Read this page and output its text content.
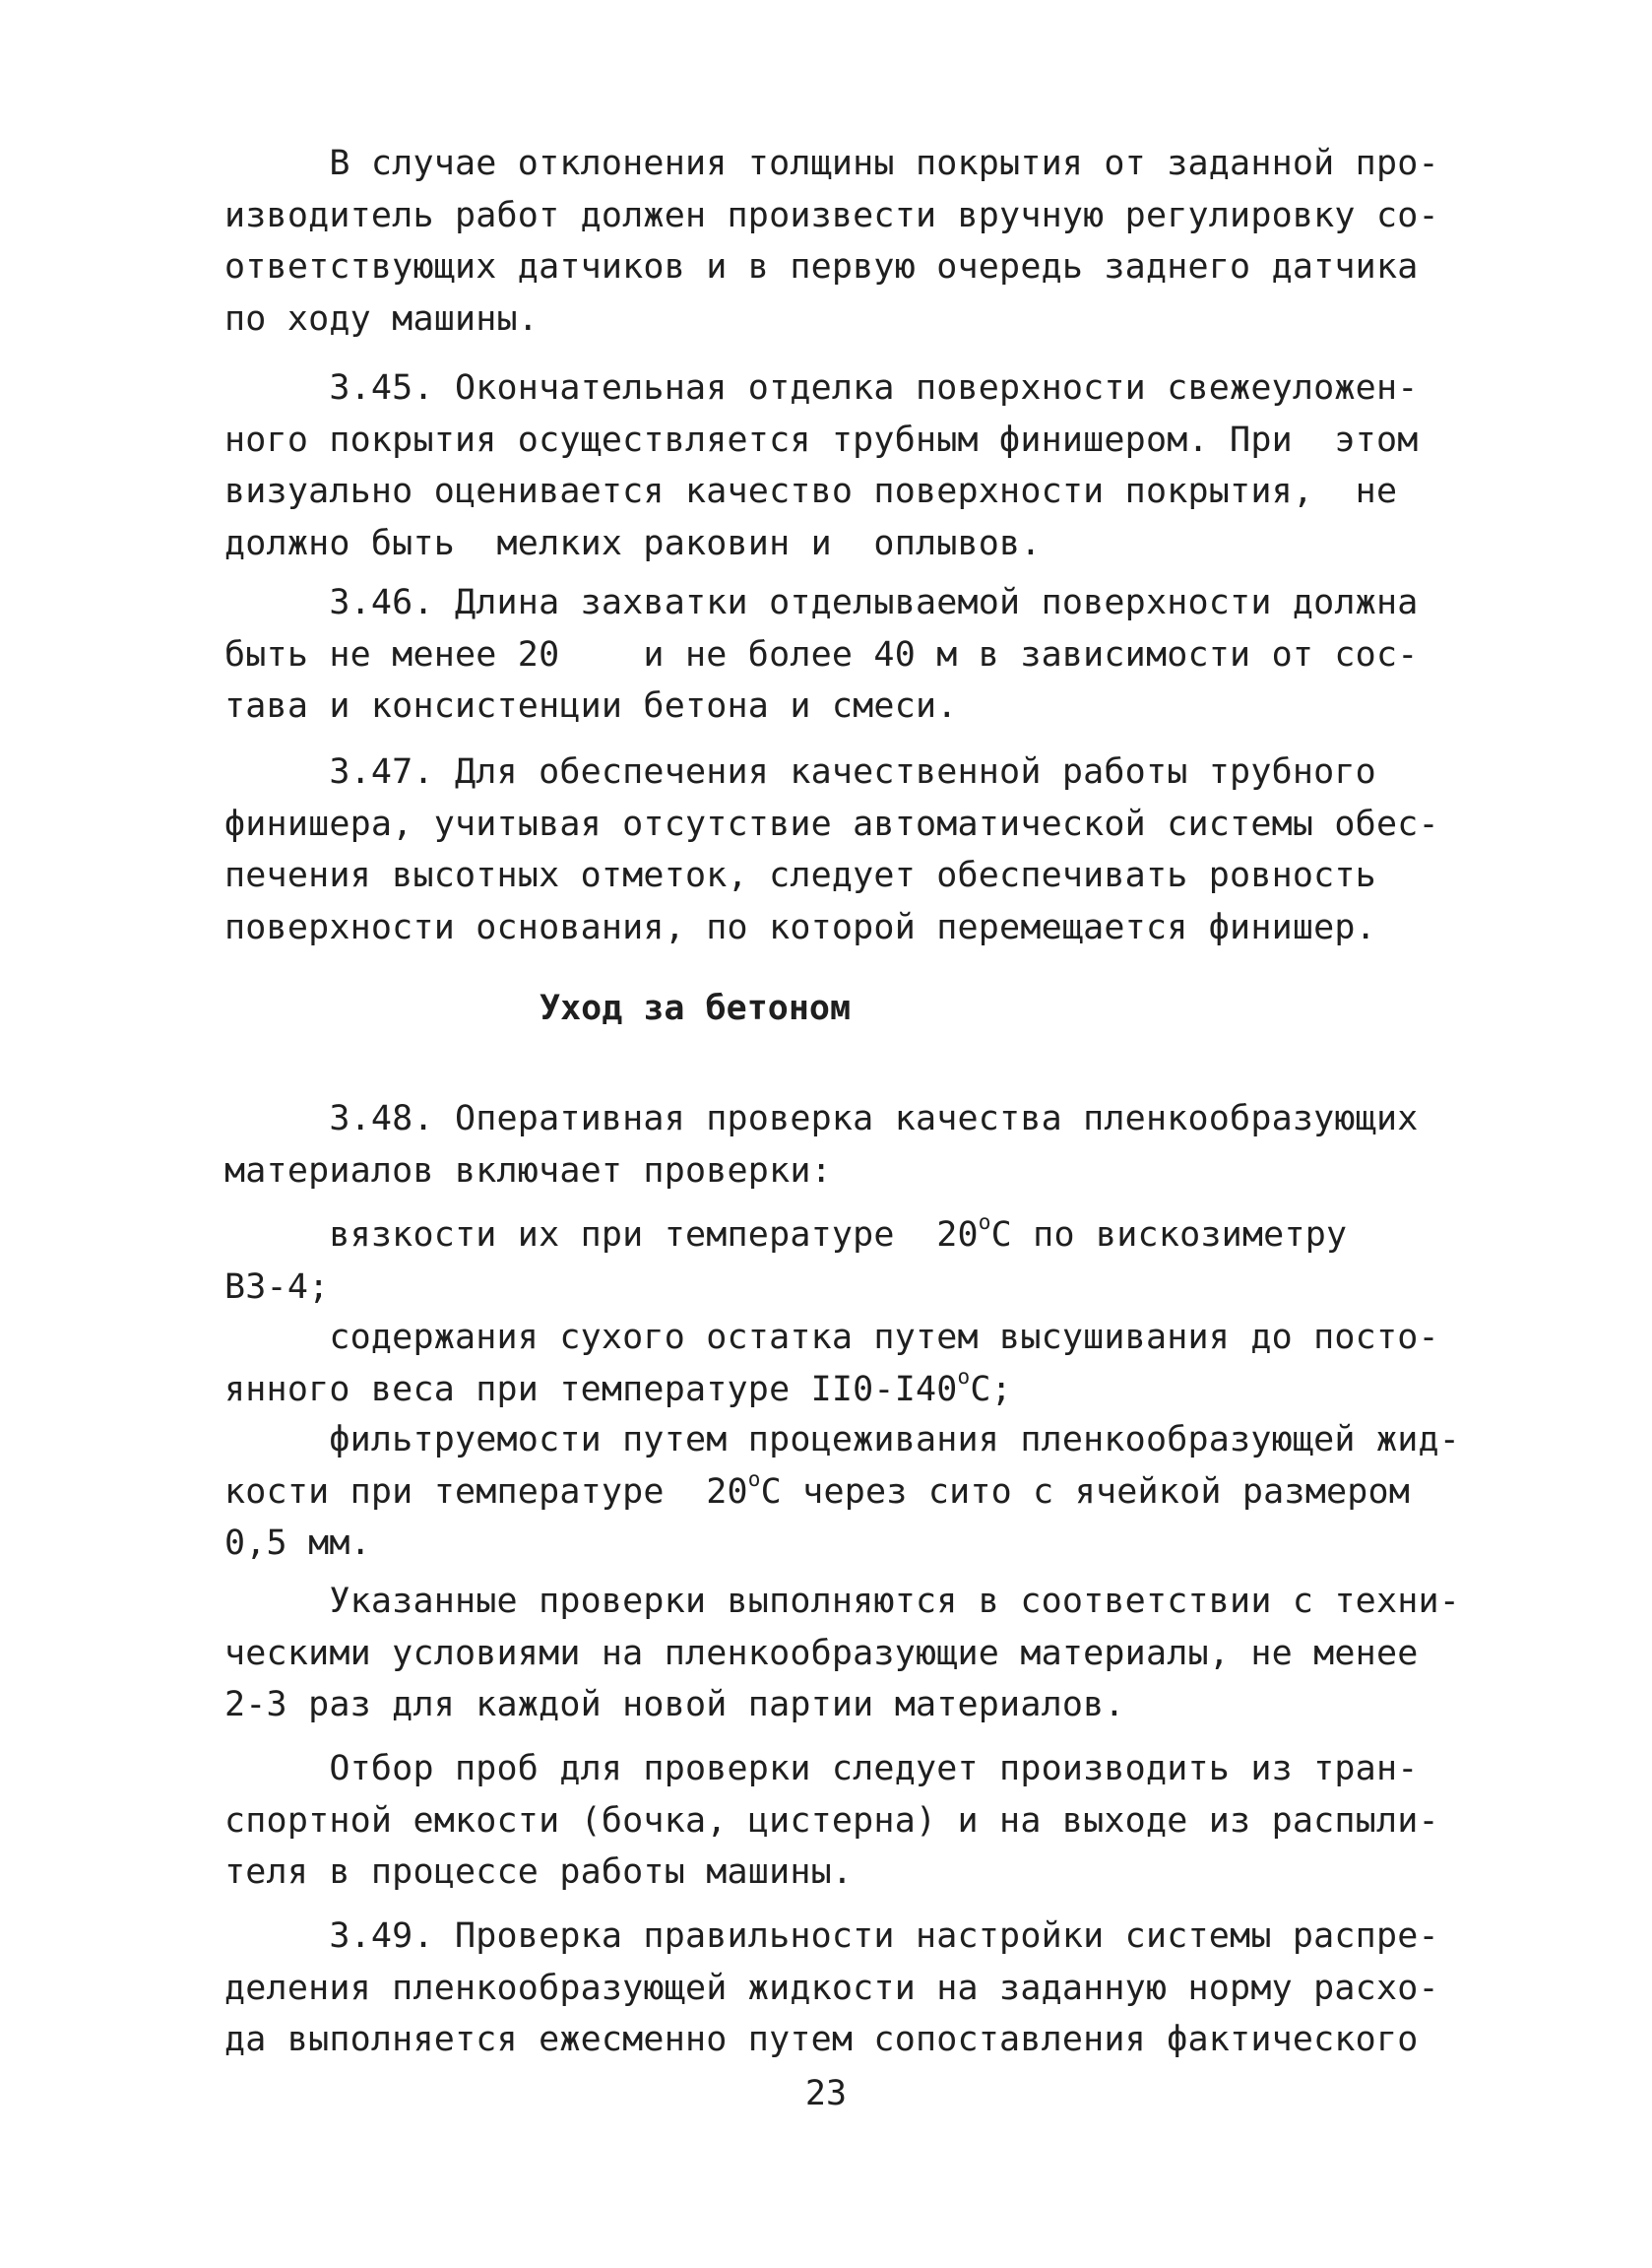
В случае отклонения толщины покрытия от заданной про-
изводитель работ должен произвести вручную регулировку со-
ответствующих датчиков и в первую очередь заднего датчика
по ходу машины.
3.45. Окончательная отделка поверхности свежеуложен-
ного покрытия осуществляется трубным финишером. При  этом
визуально оценивается качество поверхности покрытия,  не
должно быть  мелких раковин и  оплывов.
3.46. Длина захватки отделываемой поверхности должна
быть не менее 20    и не более 40 м в зависимости от сос-
тава и консистенции бетона и смеси.
3.47. Для обеспечения качественной работы трубного
финишера, учитывая отсутствие автоматической системы обес-
печения высотных отметок, следует обеспечивать ровность
поверхности основания, по которой перемещается финишер.
Уход за бетоном
3.48. Оперативная проверка качества пленкообразующих
материалов включает проверки:
вязкости их при температуре  $20^оС$ по вискозиметру
ВЗ-4;
содержания сухого остатка путем высушивания до посто-
янного веса при температуре $II0-I40^оС$;
фильтруемости путем процеживания пленкообразующей жид-
кости при температуре  $20^оС$ через сито с ячейкой размером
0,5 мм.
Указанные проверки выполняются в соответствии с техни-
ческими условиями на пленкообразующие материалы, не менее
2-3 раз для каждой новой партии материалов.
Отбор проб для проверки следует производить из тран-
спортной емкости (бочка, цистерна) и на выходе из распыли-
теля в процессе работы машины.
3.49. Проверка правильности настройки системы распре-
деления пленкообразующей жидкости на заданную норму расхо-
да выполняется ежесменно путем сопоставления фактического
23
